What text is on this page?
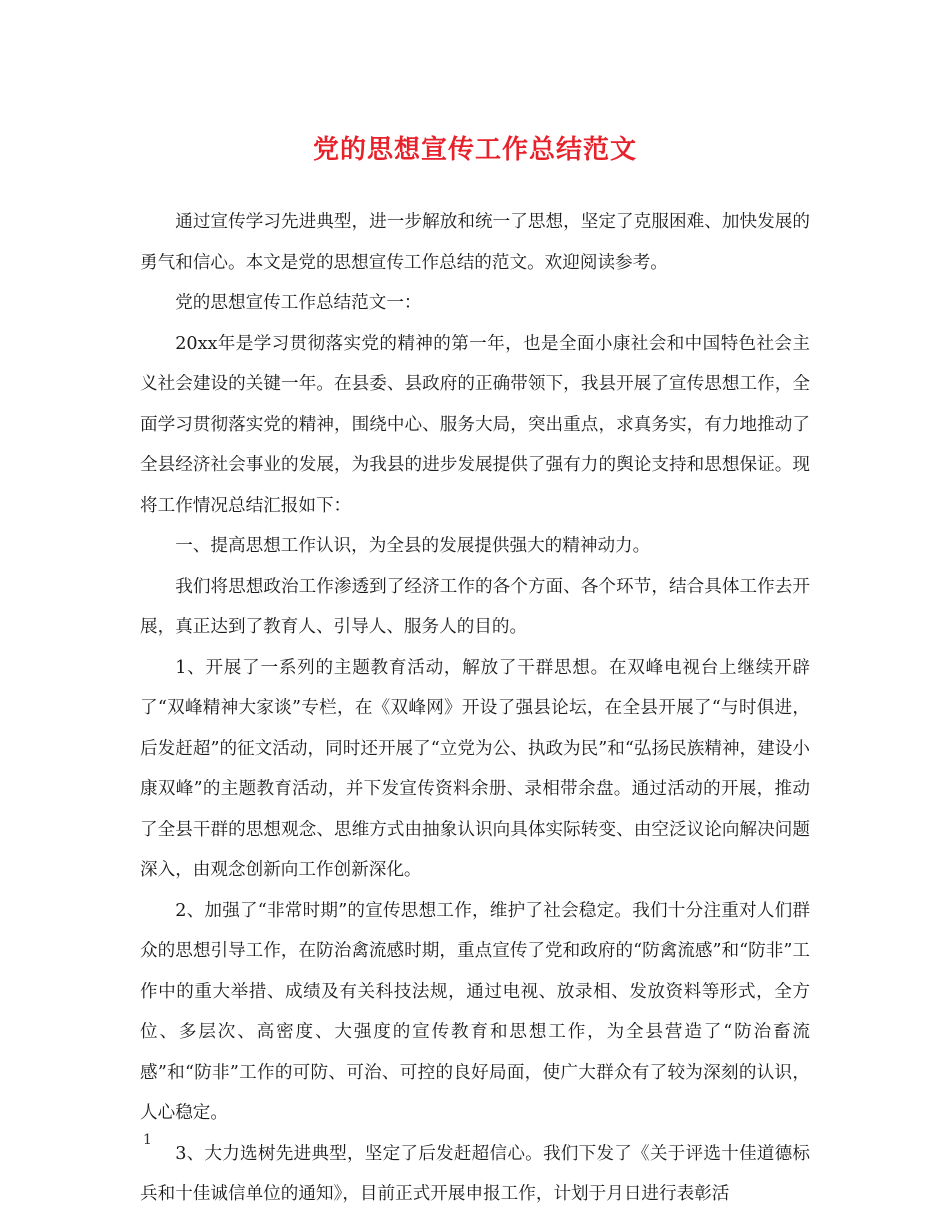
党的思想宣传工作总结范文

通过宣传学习先进典型，进一步解放和统一了思想，坚定了克服困难、加快发展的勇气和信心。本文是党的思想宣传工作总结的范文。欢迎阅读参考。

党的思想宣传工作总结范文一：

20xx年是学习贯彻落实党的精神的第一年，也是全面小康社会和中国特色社会主义社会建设的关键一年。在县委、县政府的正确带领下，我县开展了宣传思想工作，全面学习贯彻落实党的精神，围绕中心、服务大局，突出重点，求真务实，有力地推动了全县经济社会事业的发展，为我县的进步发展提供了强有力的舆论支持和思想保证。现将工作情况总结汇报如下：

一、提高思想工作认识，为全县的发展提供强大的精神动力。

我们将思想政治工作渗透到了经济工作的各个方面、各个环节，结合具体工作去开展，真正达到了教育人、引导人、服务人的目的。

1、开展了一系列的主题教育活动，解放了干群思想。在双峰电视台上继续开辟了“双峰精神大家谈”专栏，在《双峰网》开设了强县论坛，在全县开展了“与时俱进，后发赶超”的征文活动，同时还开展了“立党为公、执政为民”和“弘扬民族精神，建设小康双峰”的主题教育活动，并下发宣传资料余册、录相带余盘。通过活动的开展，推动了全县干群的思想观念、思维方式由抽象认识向具体实际转变、由空泛议论向解决问题深入，由观念创新向工作创新深化。

2、加强了“非常时期”的宣传思想工作，维护了社会稳定。我们十分注重对人们群众的思想引导工作，在防治禽流感时期，重点宣传了党和政府的“防禽流感”和“防非”工作中的重大举措、成绩及有关科技法规，通过电视、放录相、发放资料等形式，全方位、多层次、高密度、大强度的宣传教育和思想工作，为全县营造了“防治畜流感”和“防非”工作的可防、可治、可控的良好局面，使广大群众有了较为深刻的认识，人心稳定。

3、大力选树先进典型，坚定了后发赶超信心。我们下发了《关于评选十佳道德标兵和十佳诚信单位的通知》，目前正式开展申报工作，计划于月日进行表彰活

1
